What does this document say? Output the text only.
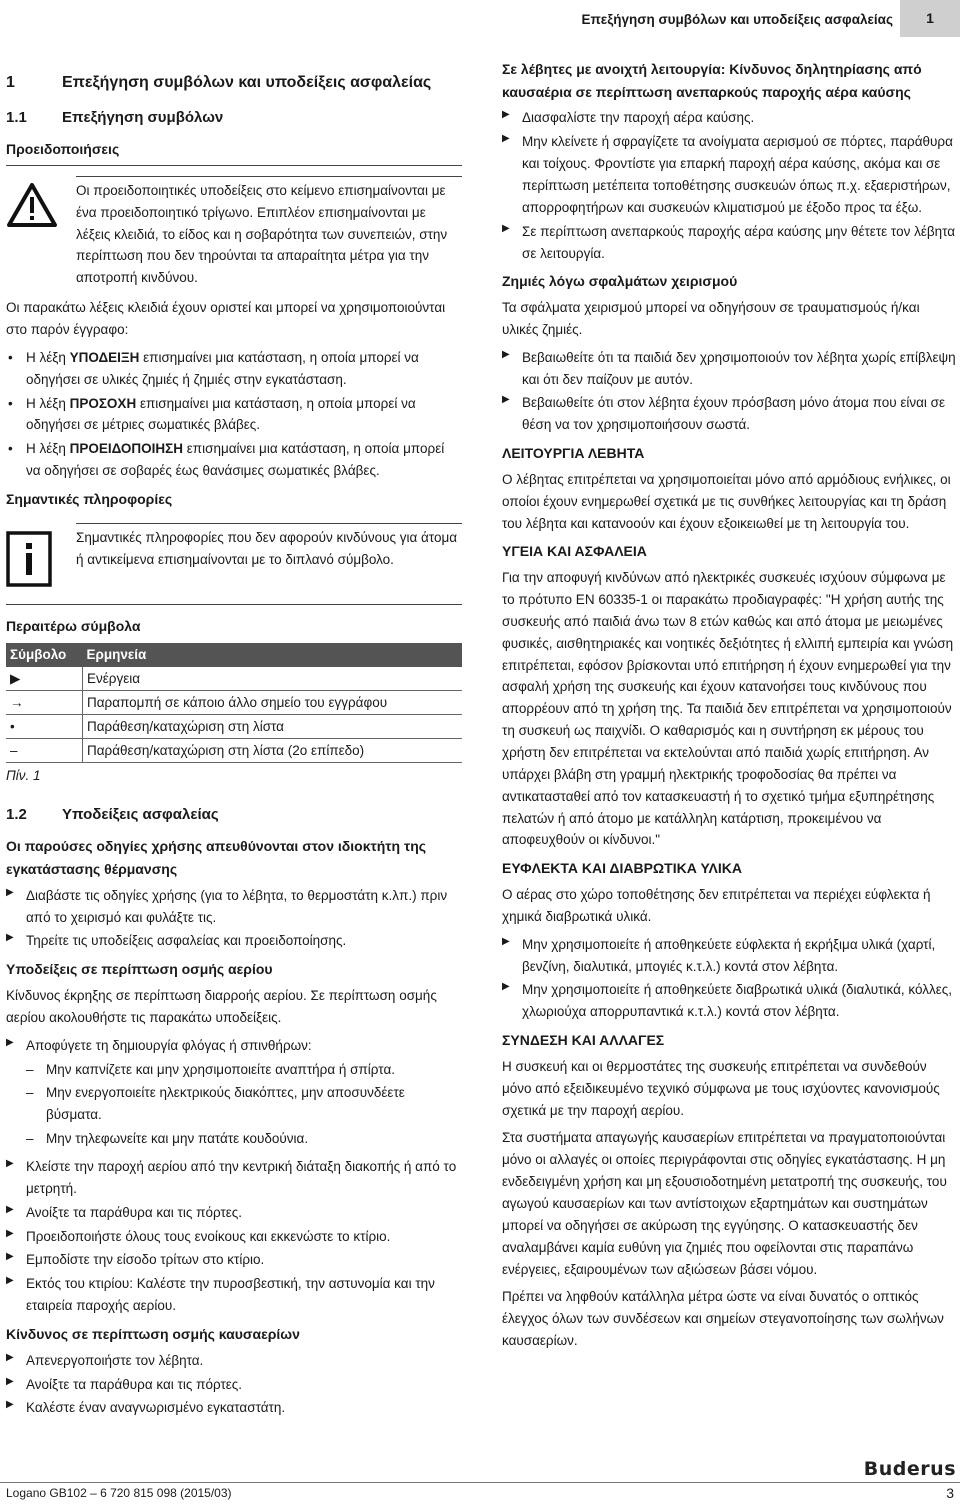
Επεξήγηση συμβόλων και υποδείξεις ασφαλείας	1
1	Επεξήγηση συμβόλων και υποδείξεις ασφαλείας
1.1	Επεξήγηση συμβόλων
Προειδοποιήσεις
Οι προειδοποιητικές υποδείξεις στο κείμενο επισημαίνονται με ένα προειδοποιητικό τρίγωνο. Επιπλέον επισημαίνονται με λέξεις κλειδιά, το είδος και η σοβαρότητα των συνεπειών, στην περίπτωση που δεν τηρούνται τα απαραίτητα μέτρα για την αποτροπή κινδύνου.

Οι παρακάτω λέξεις κλειδιά έχουν οριστεί και μπορεί να χρησιμοποιούνται στο παρόν έγγραφο:

• Η λέξη ΥΠΟΔΕΙΞΗ επισημαίνει μια κατάσταση, η οποία μπορεί να οδηγήσει σε υλικές ζημιές ή ζημιές στην εγκατάσταση.
• Η λέξη ΠΡΟΣΟΧΗ επισημαίνει μια κατάσταση, η οποία μπορεί να οδηγήσει σε μέτριες σωματικές βλάβες.
• Η λέξη ΠΡΟΕΙΔΟΠΟΙΗΣΗ επισημαίνει μια κατάσταση, η οποία μπορεί να οδηγήσει σε σοβαρές έως θανάσιμες σωματικές βλάβες.
Σημαντικές πληροφορίες
Σημαντικές πληροφορίες που δεν αφορούν κινδύνους για άτομα ή αντικείμενα επισημαίνονται με το διπλανό σύμβολο.
Περαιτέρω σύμβολα
Σύμβολο	Ερμηνεία
▶	Ενέργεια
→	Παραπομπή σε κάποιο άλλο σημείο του εγγράφου
•	Παράθεση/καταχώριση στη λίστα
–	Παράθεση/καταχώριση στη λίστα (2ο επίπεδο)
Πίν. 1
1.2	Υποδείξεις ασφαλείας
Οι παρούσες οδηγίες χρήσης απευθύνονται στον ιδιοκτήτη της εγκατάστασης θέρμανσης
▶ Διαβάστε τις οδηγίες χρήσης (για το λέβητα, το θερμοστάτη κ.λπ.) πριν από το χειρισμό και φυλάξτε τις.
▶ Τηρείτε τις υποδείξεις ασφαλείας και προειδοποίησης.
Υποδείξεις σε περίπτωση οσμής αερίου

Κίνδυνος έκρηξης σε περίπτωση διαρροής αερίου. Σε περίπτωση οσμής αερίου ακολουθήστε τις παρακάτω υποδείξεις.

▶ Αποφύγετε τη δημιουργία φλόγας ή σπινθήρων:
– Μην καπνίζετε και μην χρησιμοποιείτε αναπτήρα ή σπίρτα.
– Μην ενεργοποιείτε ηλεκτρικούς διακόπτες, μην αποσυνδέετε βύσματα.
– Μην τηλεφωνείτε και μην πατάτε κουδούνια.
▶ Κλείστε την παροχή αερίου από την κεντρική διάταξη διακοπής ή από το μετρητή.
▶ Ανοίξτε τα παράθυρα και τις πόρτες.
▶ Προειδοποιήστε όλους τους ενοίκους και εκκενώστε το κτίριο.
▶ Εμποδίστε την είσοδο τρίτων στο κτίριο.
▶ Εκτός του κτιρίου: Καλέστε την πυροσβεστική, την αστυνομία και την εταιρεία παροχής αερίου.
Κίνδυνος σε περίπτωση οσμής καυσαερίων
▶ Απενεργοποιήστε τον λέβητα.
▶ Ανοίξτε τα παράθυρα και τις πόρτες.
▶ Καλέστε έναν αναγνωρισμένο εγκαταστάτη.
Σε λέβητες με ανοιχτή λειτουργία: Κίνδυνος δηλητηρίασης από καυσαέρια σε περίπτωση ανεπαρκούς παροχής αέρα καύσης
▶ Διασφαλίστε την παροχή αέρα καύσης.
▶ Μην κλείνετε ή σφραγίζετε τα ανοίγματα αερισμού σε πόρτες, παράθυρα και τοίχους. Φροντίστε για επαρκή παροχή αέρα καύσης, ακόμα και σε περίπτωση μετέπειτα τοποθέτησης συσκευών όπως π.χ. εξαεριστήρων, απορροφητήρων και συσκευών κλιματισμού με έξοδο προς τα έξω.
▶ Σε περίπτωση ανεπαρκούς παροχής αέρα καύσης μην θέτετε τον λέβητα σε λειτουργία.
Ζημιές λόγω σφαλμάτων χειρισμού

Τα σφάλματα χειρισμού μπορεί να οδηγήσουν σε τραυματισμούς ή/και υλικές ζημιές.

▶ Βεβαιωθείτε ότι τα παιδιά δεν χρησιμοποιούν τον λέβητα χωρίς επίβλεψη και ότι δεν παίζουν με αυτόν.
▶ Βεβαιωθείτε ότι στον λέβητα έχουν πρόσβαση μόνο άτομα που είναι σε θέση να τον χρησιμοποιήσουν σωστά.
ΛΕΙΤΟΥΡΓΙΑ ΛΕΒΗΤΑ

Ο λέβητας επιτρέπεται να χρησιμοποιείται μόνο από αρμόδιους ενήλικες, οι οποίοι έχουν ενημερωθεί σχετικά με τις συνθήκες λειτουργίας και τη δράση του λέβητα και κατανοούν και έχουν εξοικειωθεί με τη λειτουργία του.

ΥΓΕΙΑ ΚΑΙ ΑΣΦΑΛΕΙΑ

Για την αποφυγή κινδύνων από ηλεκτρικές συσκευές ισχύουν σύμφωνα με το πρότυπο EN 60335-1 οι παρακάτω προδιαγραφές: "Η χρήση αυτής της συσκευής από παιδιά άνω των 8 ετών καθώς και από άτομα με μειωμένες φυσικές, αισθητηριακές και νοητικές δεξιότητες ή ελλιπή εμπειρία και γνώση επιτρέπεται, εφόσον βρίσκονται υπό επιτήρηση ή έχουν ενημερωθεί για την ασφαλή χρήση της συσκευής και έχουν κατανοήσει τους κινδύνους που απορρέουν από τη χρήση της. Τα παιδιά δεν επιτρέπεται να χρησιμοποιούν τη συσκευή ως παιχνίδι. Ο καθαρισμός και η συντήρηση εκ μέρους του χρήστη δεν επιτρέπεται να εκτελούνται από παιδιά χωρίς επιτήρηση. Αν υπάρχει βλάβη στη γραμμή ηλεκτρικής τροφοδοσίας θα πρέπει να αντικατασταθεί από τον κατασκευαστή ή το σχετικό τμήμα εξυπηρέτησης πελατών ή από άτομο με κατάλληλη κατάρτιση, προκειμένου να αποφευχθούν οι κίνδυνοι."

ΕΥΦΛΕΚΤΑ ΚΑΙ ΔΙΑΒΡΩΤΙΚΑ ΥΛΙΚΑ

Ο αέρας στο χώρο τοποθέτησης δεν επιτρέπεται να περιέχει εύφλεκτα ή χημικά διαβρωτικά υλικά.

▶ Μην χρησιμοποιείτε ή αποθηκεύετε εύφλεκτα ή εκρήξιμα υλικά (χαρτί, βενζίνη, διαλυτικά, μπογιές κ.τ.λ.) κοντά στον λέβητα.
▶ Μην χρησιμοποιείτε ή αποθηκεύετε διαβρωτικά υλικά (διαλυτικά, κόλλες, χλωριούχα απορρυπαντικά κ.τ.λ.) κοντά στον λέβητα.
ΣΥΝΔΕΣΗ ΚΑΙ ΑΛΛΑΓΕΣ

Η συσκευή και οι θερμοστάτες της συσκευής επιτρέπεται να συνδεθούν μόνο από εξειδικευμένο τεχνικό σύμφωνα με τους ισχύοντες κανονισμούς σχετικά με την παροχή αερίου.

Στα συστήματα απαγωγής καυσαερίων επιτρέπεται να πραγματοποιούνται μόνο οι αλλαγές οι οποίες περιγράφονται στις οδηγίες εγκατάστασης. Η μη ενδεδειγμένη χρήση και μη εξουσιοδοτημένη μετατροπή της συσκευής, του αγωγού καυσαερίων και των αντίστοιχων εξαρτημάτων και συστημάτων μπορεί να οδηγήσει σε ακύρωση της εγγύησης. Ο κατασκευαστής δεν αναλαμβάνει καμία ευθύνη για ζημιές που οφείλονται στις παραπάνω ενέργειες, εξαιρουμένων των αξιώσεων βάσει νόμου.

Πρέπει να ληφθούν κατάλληλα μέτρα ώστε να είναι δυνατός ο οπτικός έλεγχος όλων των συνδέσεων και σημείων στεγανοποίησης των σωλήνων καυσαερίων.

Buderus
Logano GB102 – 6 720 815 098 (2015/03)	3
